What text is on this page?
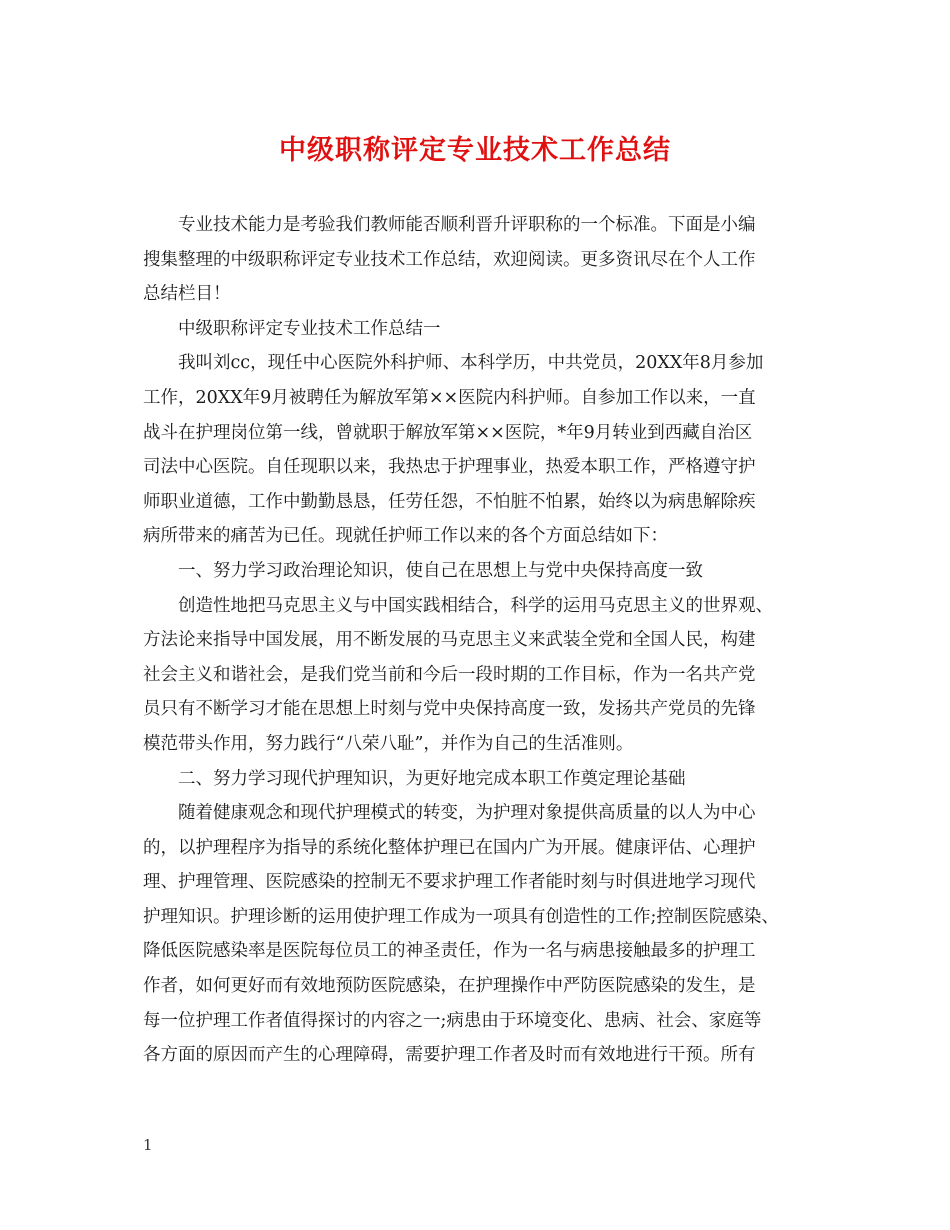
中级职称评定专业技术工作总结
专业技术能力是考验我们教师能否顺利晋升评职称的一个标准。下面是小编
搜集整理的中级职称评定专业技术工作总结，欢迎阅读。更多资讯尽在个人工作
总结栏目！
中级职称评定专业技术工作总结一
我叫刘cc，现任中心医院外科护师、本科学历，中共党员，20XX年8月参加
工作，20XX年9月被聘任为解放军第××医院内科护师。自参加工作以来，一直
战斗在护理岗位第一线，曾就职于解放军第××医院，*年9月转业到西藏自治区
司法中心医院。自任现职以来，我热忠于护理事业，热爱本职工作，严格遵守护
师职业道德，工作中勤勤恳恳，任劳任怨，不怕脏不怕累，始终以为病患解除疾
病所带来的痛苦为已任。现就任护师工作以来的各个方面总结如下：
一、努力学习政治理论知识，使自己在思想上与党中央保持高度一致
创造性地把马克思主义与中国实践相结合，科学的运用马克思主义的世界观、
方法论来指导中国发展，用不断发展的马克思主义来武装全党和全国人民，构建
社会主义和谐社会，是我们党当前和今后一段时期的工作目标，作为一名共产党
员只有不断学习才能在思想上时刻与党中央保持高度一致，发扬共产党员的先锋
模范带头作用，努力践行“八荣八耻”，并作为自己的生活准则。
二、努力学习现代护理知识，为更好地完成本职工作奠定理论基础
随着健康观念和现代护理模式的转变，为护理对象提供高质量的以人为中心
的，以护理程序为指导的系统化整体护理已在国内广为开展。健康评估、心理护
理、护理管理、医院感染的控制无不要求护理工作者能时刻与时俱进地学习现代
护理知识。护理诊断的运用使护理工作成为一项具有创造性的工作;控制医院感染、
降低医院感染率是医院每位员工的神圣责任，作为一名与病患接触最多的护理工
作者，如何更好而有效地预防医院感染，在护理操作中严防医院感染的发生，是
每一位护理工作者值得探讨的内容之一;病患由于环境变化、患病、社会、家庭等
各方面的原因而产生的心理障碍，需要护理工作者及时而有效地进行干预。所有
1
